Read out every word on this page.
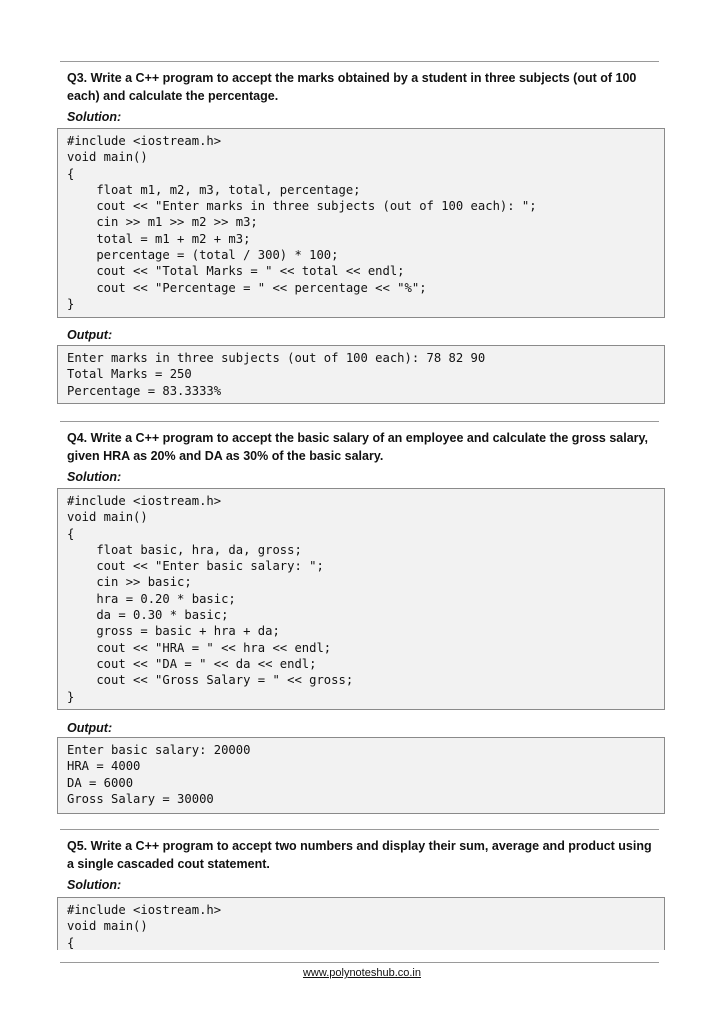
Q3. Write a C++ program to accept the marks obtained by a student in three subjects (out of 100 each) and calculate the percentage.
Solution:
#include <iostream.h>
void main()
{
float m1, m2, m3, total, percentage;
cout << "Enter marks in three subjects (out of 100 each): ";
cin >> m1 >> m2 >> m3;
total = m1 + m2 + m3;
percentage = (total / 300) * 100;
cout << "Total Marks = " << total << endl;
cout << "Percentage = " << percentage << "%";
}
Output:
Enter marks in three subjects (out of 100 each): 78 82 90
Total Marks = 250
Percentage = 83.3333%
Q4. Write a C++ program to accept the basic salary of an employee and calculate the gross salary, given HRA as 20% and DA as 30% of the basic salary.
Solution:
#include <iostream.h>
void main()
{
float basic, hra, da, gross;
cout << "Enter basic salary: ";
cin >> basic;
hra = 0.20 * basic;
da = 0.30 * basic;
gross = basic + hra + da;
cout << "HRA = " << hra << endl;
cout << "DA = " << da << endl;
cout << "Gross Salary = " << gross;
}
Output:
Enter basic salary: 20000
HRA = 4000
DA = 6000
Gross Salary = 30000
Q5. Write a C++ program to accept two numbers and display their sum, average and product using a single cascaded cout statement.
Solution:
#include <iostream.h>
void main()
{
www.polynoteshub.co.in
